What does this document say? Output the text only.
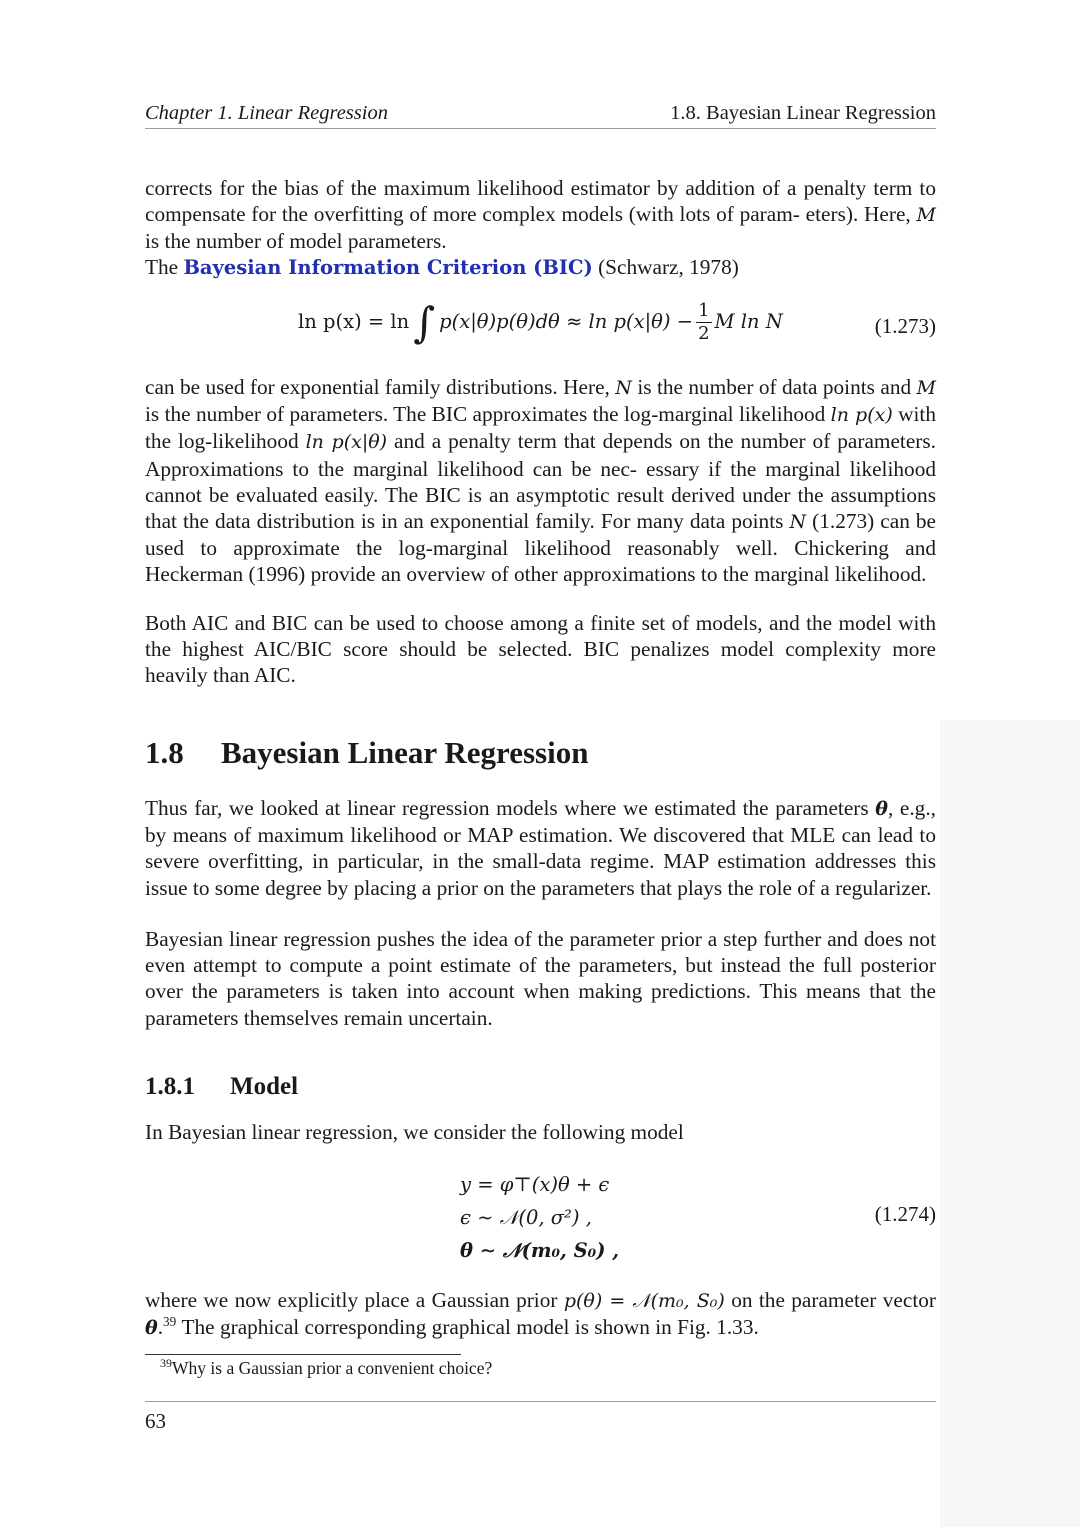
Chapter 1. Linear Regression	1.8. Bayesian Linear Regression

corrects for the bias of the maximum likelihood estimator by addition of a penalty term to compensate for the overfitting of more complex models (with lots of param- eters). Here, M is the number of model parameters.

The Bayesian Information Criterion (BIC) (Schwarz, 1978)

ln p(x) = ln∫ $p(x|\theta)p(\theta)d\theta \approx \ln p(x|\theta) - \frac{1}{2}$ M ln N	(1.273)

can be used for exponential family distributions. Here, N is the number of data points and M is the number of parameters. The BIC approximates the log-marginal likelihood ln p(x) with the log-likelihood ln p(x|θ) and a penalty term that depends on the number of parameters. Approximations to the marginal likelihood can be nec- essary if the marginal likelihood cannot be evaluated easily. The BIC is an asymptotic result derived under the assumptions that the data distribution is in an exponential family. For many data points N (1.273) can be used to approximate the log-marginal likelihood reasonably well. Chickering and Heckerman (1996) provide an overview of other approximations to the marginal likelihood.

Both AIC and BIC can be used to choose among a finite set of models, and the model with the highest AIC/BIC score should be selected. BIC penalizes model complexity more heavily than AIC.

1.8 Bayesian Linear Regression

Thus far, we looked at linear regression models where we estimated the parameters θ, e.g., by means of maximum likelihood or MAP estimation. We discovered that MLE can lead to severe overfitting, in particular, in the small-data regime. MAP estimation addresses this issue to some degree by placing a prior on the parameters that plays the role of a regularizer.

Bayesian linear regression pushes the idea of the parameter prior a step further and does not even attempt to compute a point estimate of the parameters, but instead the full posterior over the parameters is taken into account when making predictions. This means that the parameters themselves remain uncertain.

1.8.1 Model

In Bayesian linear regression, we consider the following model

y = φ⊤(x)θ + ϵ
ϵ ∼ 𝒩(0, σ²) ,
θ ∼ 𝒩(m₀, S₀) ,
(1.274)

where we now explicitly place a Gaussian prior p(θ) = 𝒩(m₀, S₀) on the parameter vector θ.$^{39}$ The graphical corresponding graphical model is shown in Fig. 1.33.

$^{39}$Why is a Gaussian prior a convenient choice?
63
